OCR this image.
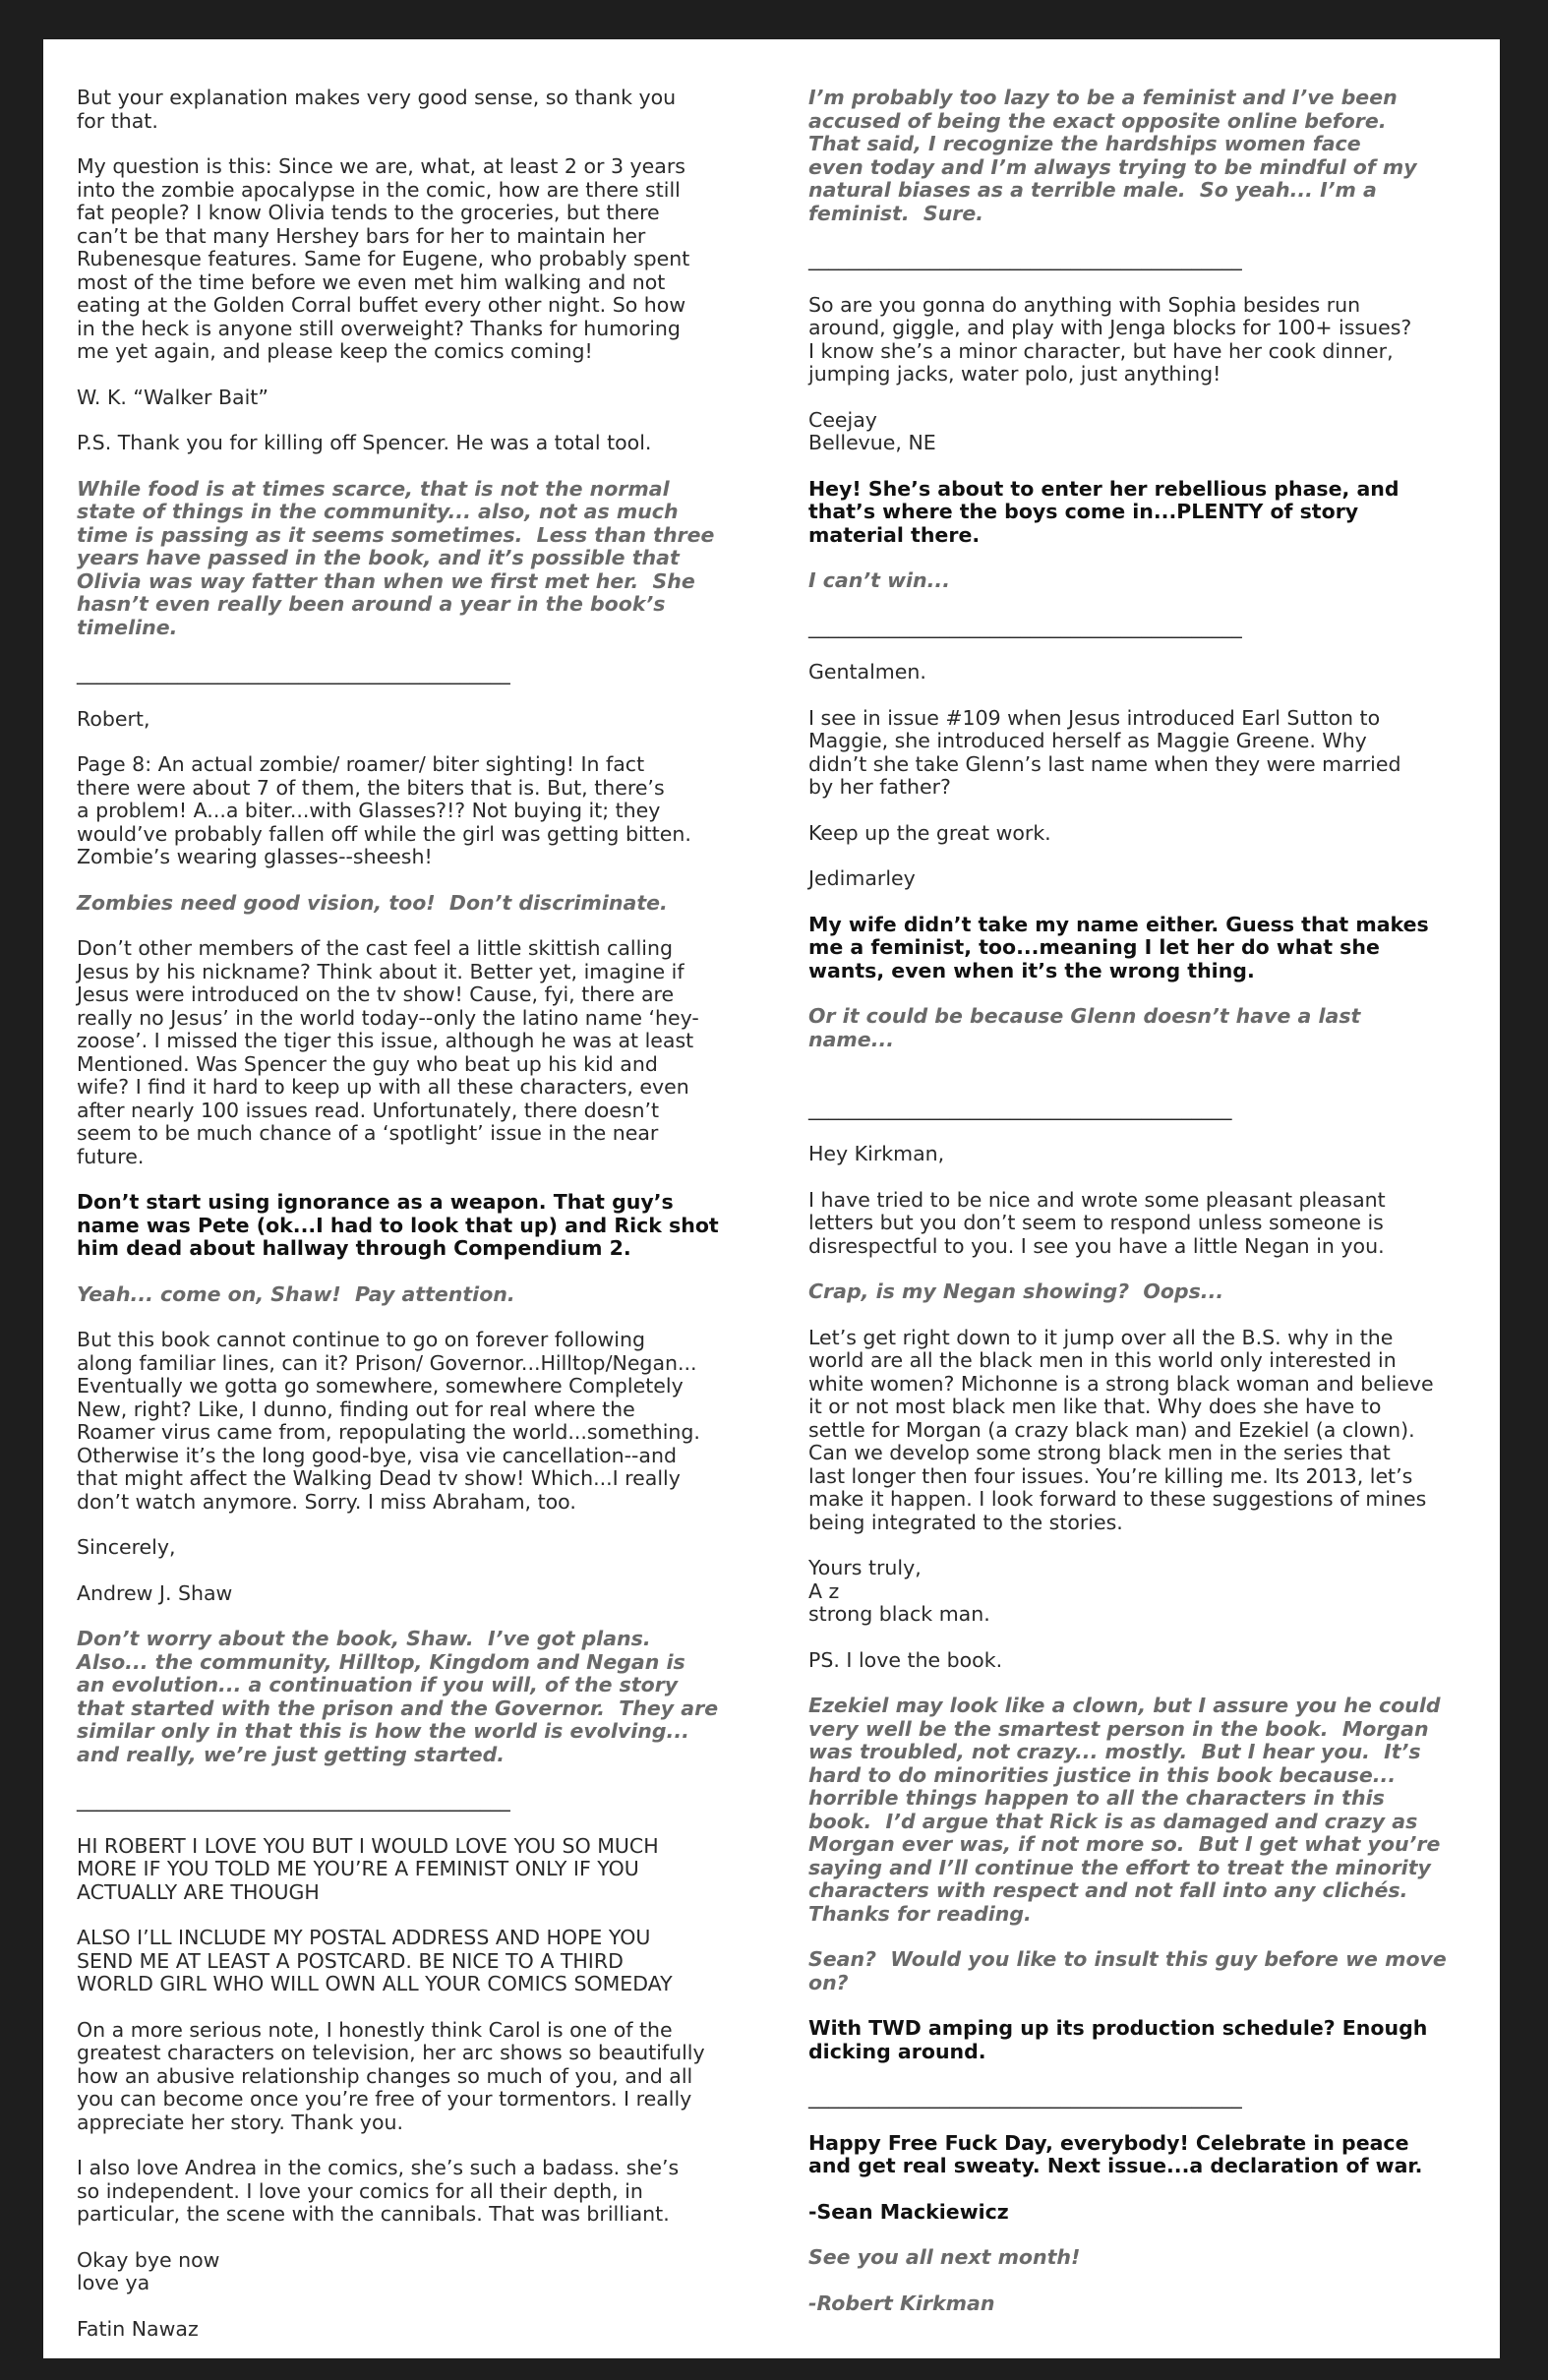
But your explanation makes very good sense, so thank you
for that.

My question is this: Since we are, what, at least 2 or 3 years
into the zombie apocalypse in the comic, how are there still
fat people? I know Olivia tends to the groceries, but there
can’t be that many Hershey bars for her to maintain her
Rubenesque features. Same for Eugene, who probably spent
most of the time before we even met him walking and not
eating at the Golden Corral buffet every other night. So how
in the heck is anyone still overweight? Thanks for humoring
me yet again, and please keep the comics coming!

W. K. “Walker Bait”

P.S. Thank you for killing off Spencer. He was a total tool.

While food is at times scarce, that is not the normal
state of things in the community... also, not as much
time is passing as it seems sometimes.  Less than three
years have passed in the book, and it’s possible that
Olivia was way fatter than when we first met her.  She
hasn’t even really been around a year in the book’s
timeline.

___________________________________________

Robert,

Page 8: An actual zombie/ roamer/ biter sighting! In fact
there were about 7 of them, the biters that is. But, there’s
a problem! A...a biter...with Glasses?!? Not buying it; they
would’ve probably fallen off while the girl was getting bitten.
Zombie’s wearing glasses--sheesh!

Zombies need good vision, too!  Don’t discriminate.

Don’t other members of the cast feel a little skittish calling
Jesus by his nickname? Think about it. Better yet, imagine if
Jesus were introduced on the tv show! Cause, fyi, there are
really no Jesus’ in the world today--only the latino name ‘hey-
zoose’. I missed the tiger this issue, although he was at least
Mentioned. Was Spencer the guy who beat up his kid and
wife? I find it hard to keep up with all these characters, even
after nearly 100 issues read. Unfortunately, there doesn’t
seem to be much chance of a ‘spotlight’ issue in the near
future.

Don’t start using ignorance as a weapon. That guy’s
name was Pete (ok...I had to look that up) and Rick shot
him dead about hallway through Compendium 2.

Yeah... come on, Shaw!  Pay attention.

But this book cannot continue to go on forever following
along familiar lines, can it? Prison/ Governor...Hilltop/Negan...
Eventually we gotta go somewhere, somewhere Completely
New, right? Like, I dunno, finding out for real where the
Roamer virus came from, repopulating the world...something.
Otherwise it’s the long good-bye, visa vie cancellation--and
that might affect the Walking Dead tv show! Which...I really
don’t watch anymore. Sorry. I miss Abraham, too.

Sincerely,

Andrew J. Shaw

Don’t worry about the book, Shaw.  I’ve got plans.
Also... the community, Hilltop, Kingdom and Negan is
an evolution... a continuation if you will, of the story
that started with the prison and the Governor.  They are
similar only in that this is how the world is evolving...
and really, we’re just getting started.

___________________________________________

HI ROBERT I LOVE YOU BUT I WOULD LOVE YOU SO MUCH
MORE IF YOU TOLD ME YOU’RE A FEMINIST ONLY IF YOU
ACTUALLY ARE THOUGH

ALSO I’LL INCLUDE MY POSTAL ADDRESS AND HOPE YOU
SEND ME AT LEAST A POSTCARD. BE NICE TO A THIRD
WORLD GIRL WHO WILL OWN ALL YOUR COMICS SOMEDAY

On a more serious note, I honestly think Carol is one of the
greatest characters on television, her arc shows so beautifully
how an abusive relationship changes so much of you, and all
you can become once you’re free of your tormentors. I really
appreciate her story. Thank you.

I also love Andrea in the comics, she’s such a badass. she’s
so independent. I love your comics for all their depth, in
particular, the scene with the cannibals. That was brilliant.

Okay bye now
love ya

Fatin Nawaz

I’m probably too lazy to be a feminist and I’ve been
accused of being the exact opposite online before.
That said, I recognize the hardships women face
even today and I’m always trying to be mindful of my
natural biases as a terrible male.  So yeah... I’m a
feminist.  Sure.

___________________________________________

So are you gonna do anything with Sophia besides run
around, giggle, and play with Jenga blocks for 100+ issues?
I know she’s a minor character, but have her cook dinner,
jumping jacks, water polo, just anything!

Ceejay
Bellevue, NE

Hey! She’s about to enter her rebellious phase, and
that’s where the boys come in...PLENTY of story
material there.

I can’t win...

___________________________________________

Gentalmen.

I see in issue #109 when Jesus introduced Earl Sutton to
Maggie, she introduced herself as Maggie Greene. Why
didn’t she take Glenn’s last name when they were married
by her father?

Keep up the great work.

Jedimarley

My wife didn’t take my name either. Guess that makes
me a feminist, too...meaning I let her do what she
wants, even when it’s the wrong thing.

Or it could be because Glenn doesn’t have a last
name...

__________________________________________

Hey Kirkman,

I have tried to be nice and wrote some pleasant pleasant
letters but you don’t seem to respond unless someone is
disrespectful to you. I see you have a little Negan in you.

Crap, is my Negan showing?  Oops...

Let’s get right down to it jump over all the B.S. why in the
world are all the black men in this world only interested in
white women? Michonne is a strong black woman and believe
it or not most black men like that. Why does she have to
settle for Morgan (a crazy black man) and Ezekiel (a clown).
Can we develop some strong black men in the series that
last longer then four issues. You’re killing me. Its 2013, let’s
make it happen. I look forward to these suggestions of mines
being integrated to the stories.

Yours truly,
A z
strong black man.

PS. I love the book.

Ezekiel may look like a clown, but I assure you he could
very well be the smartest person in the book.  Morgan
was troubled, not crazy... mostly.  But I hear you.  It’s
hard to do minorities justice in this book because...
horrible things happen to all the characters in this
book.  I’d argue that Rick is as damaged and crazy as
Morgan ever was, if not more so.  But I get what you’re
saying and I’ll continue the effort to treat the minority
characters with respect and not fall into any clichés.
Thanks for reading.

Sean?  Would you like to insult this guy before we move
on?

With TWD amping up its production schedule? Enough
dicking around.

___________________________________________

Happy Free Fuck Day, everybody! Celebrate in peace
and get real sweaty. Next issue...a declaration of war.

-Sean Mackiewicz

See you all next month!

-Robert Kirkman
